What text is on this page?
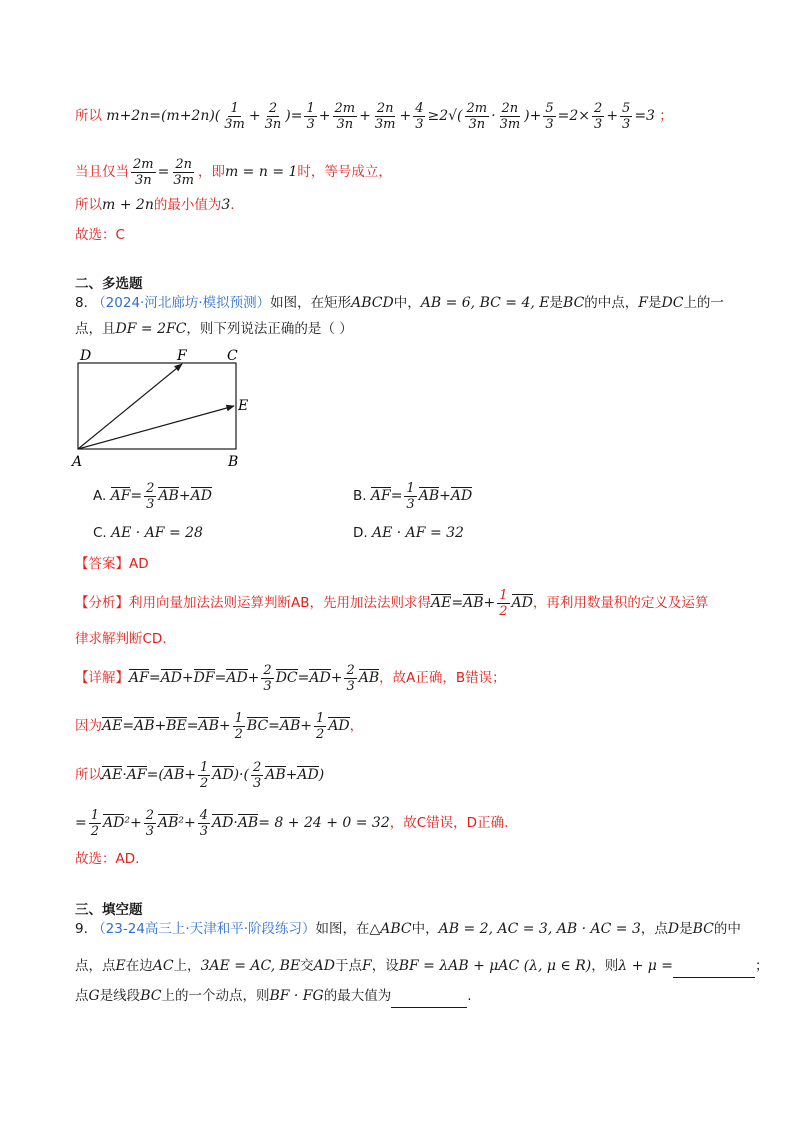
所以 $m+2n=(m+2n)( \frac{1}{3m} + \frac{2}{3n}$ )= $\frac{1}{3} + \frac{2m}{3n} + \frac{2n}{3m} + \frac{4}{3} \ge 2√( \frac{2m}{3n} \cdot \frac{2n}{3m}$ )+ $\frac{5}{3} =2\times \frac{2}{3} + \frac{5}{3} =3$ ；
当且仅当 $\frac{2m}{3n} = \frac{2n}{3m}$ ，即m = n = 1时，等号成立，
所以m + 2n的最小值为3.
故选：C
二、多选题
8. （2024·河北廊坊·模拟预测）如图，在矩形ABCD中，AB = 6, BC = 4, E是BC的中点，F是DC上的一
点，且DF = 2FC，则下列说法正确的是（ ）
D	F	C
E
A	B
A. $AF= \frac{2}{3} AB+AD$	B. $AF= \frac{1}{3} AB+AD$
C. AE · AF = 28	D. AE · AF = 32
【答案】AD
【分析】利用向量加法法则运算判断AB，先用加法法则求得$AE=AB+ \frac{1}{2}$ AD，再利用数量积的定义及运算
律求解判断CD.
【详解】$AF=AD+DF=AD+ \frac{2}{3} DC=AD+ \frac{2}{3}$ AB，故A正确，B错误；
因为$AE=AB+BE=AB+ \frac{1}{2} BC=AB+ \frac{1}{2}$ AD，
所以$AE\cdot AF=(AB+ \frac{1}{2} AD)\cdot( \frac{2}{3} AB+AD)$
= $\frac{1}{2} AD^2+ \frac{2}{3} AB^2+ \frac{4}{3} AD\cdot AB= 8 + 24 + 0 = 32$，故C错误，D正确.
故选：AD.
三、填空题
9. （23-24高三上·天津和平·阶段练习）如图，在△ABC中，AB = 2, AC = 3, AB · AC = 3，点D是BC的中
点，点E在边AC上，3AE = AC, BE交AD于点F，设BF = λAB + μAC (λ, μ ∈ R)，则λ + μ =	；
点G是线段BC上的一个动点，则BF · FG的最大值为	.
